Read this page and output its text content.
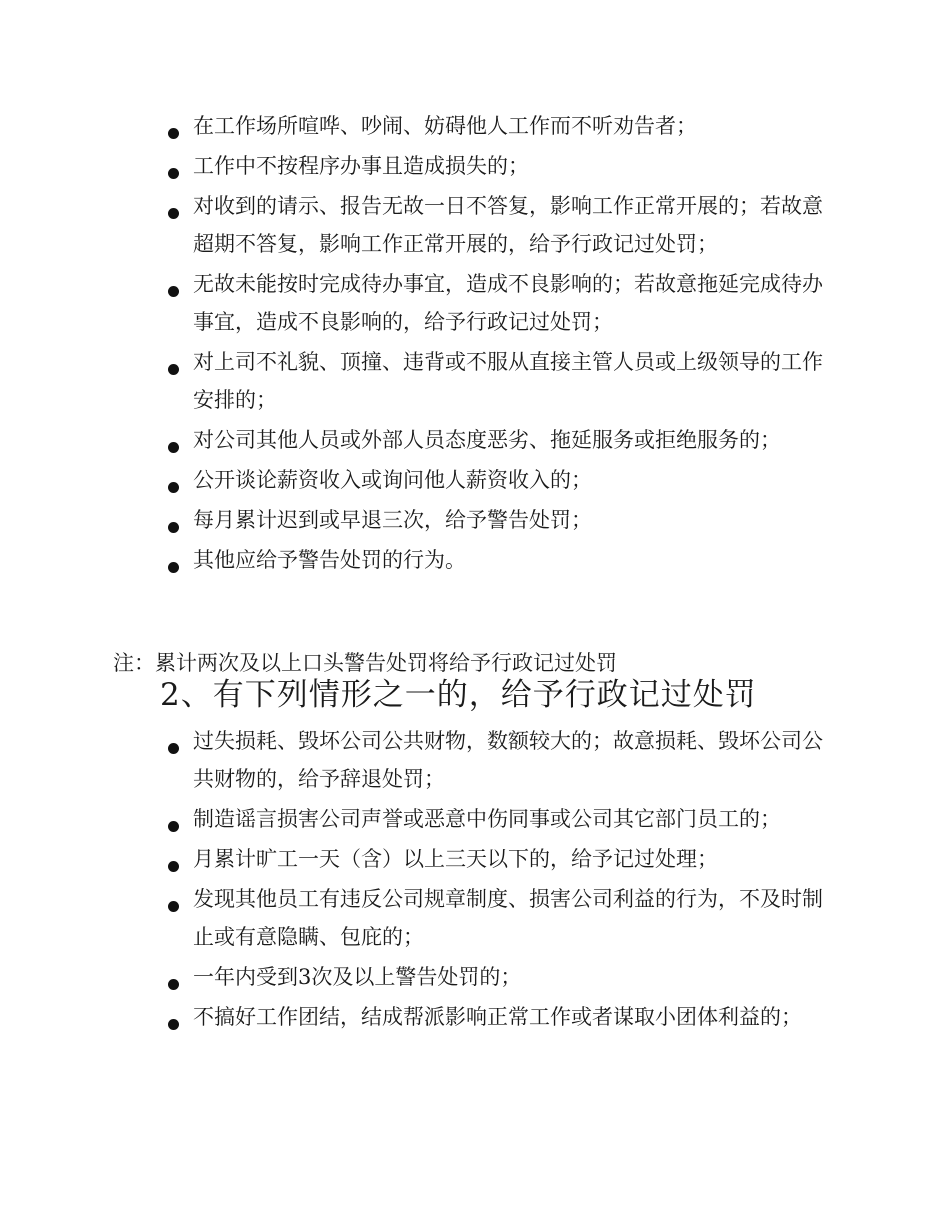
在工作场所喧哗、吵闹、妨碍他人工作而不听劝告者；
工作中不按程序办事且造成损失的；
对收到的请示、报告无故一日不答复，影响工作正常开展的；若故意超期不答复，影响工作正常开展的，给予行政记过处罚；
无故未能按时完成待办事宜，造成不良影响的；若故意拖延完成待办事宜，造成不良影响的，给予行政记过处罚；
对上司不礼貌、顶撞、违背或不服从直接主管人员或上级领导的工作安排的；
对公司其他人员或外部人员态度恶劣、拖延服务或拒绝服务的；
公开谈论薪资收入或询问他人薪资收入的；
每月累计迟到或早退三次，给予警告处罚；
其他应给予警告处罚的行为。
注：累计两次及以上口头警告处罚将给予行政记过处罚
2、有下列情形之一的，给予行政记过处罚
过失损耗、毁坏公司公共财物，数额较大的；故意损耗、毁坏公司公共财物的，给予辞退处罚；
制造谣言损害公司声誉或恶意中伤同事或公司其它部门员工的；
月累计旷工一天（含）以上三天以下的，给予记过处理；
发现其他员工有违反公司规章制度、损害公司利益的行为，不及时制止或有意隐瞒、包庇的；
一年内受到3次及以上警告处罚的；
不搞好工作团结，结成帮派影响正常工作或者谋取小团体利益的；
